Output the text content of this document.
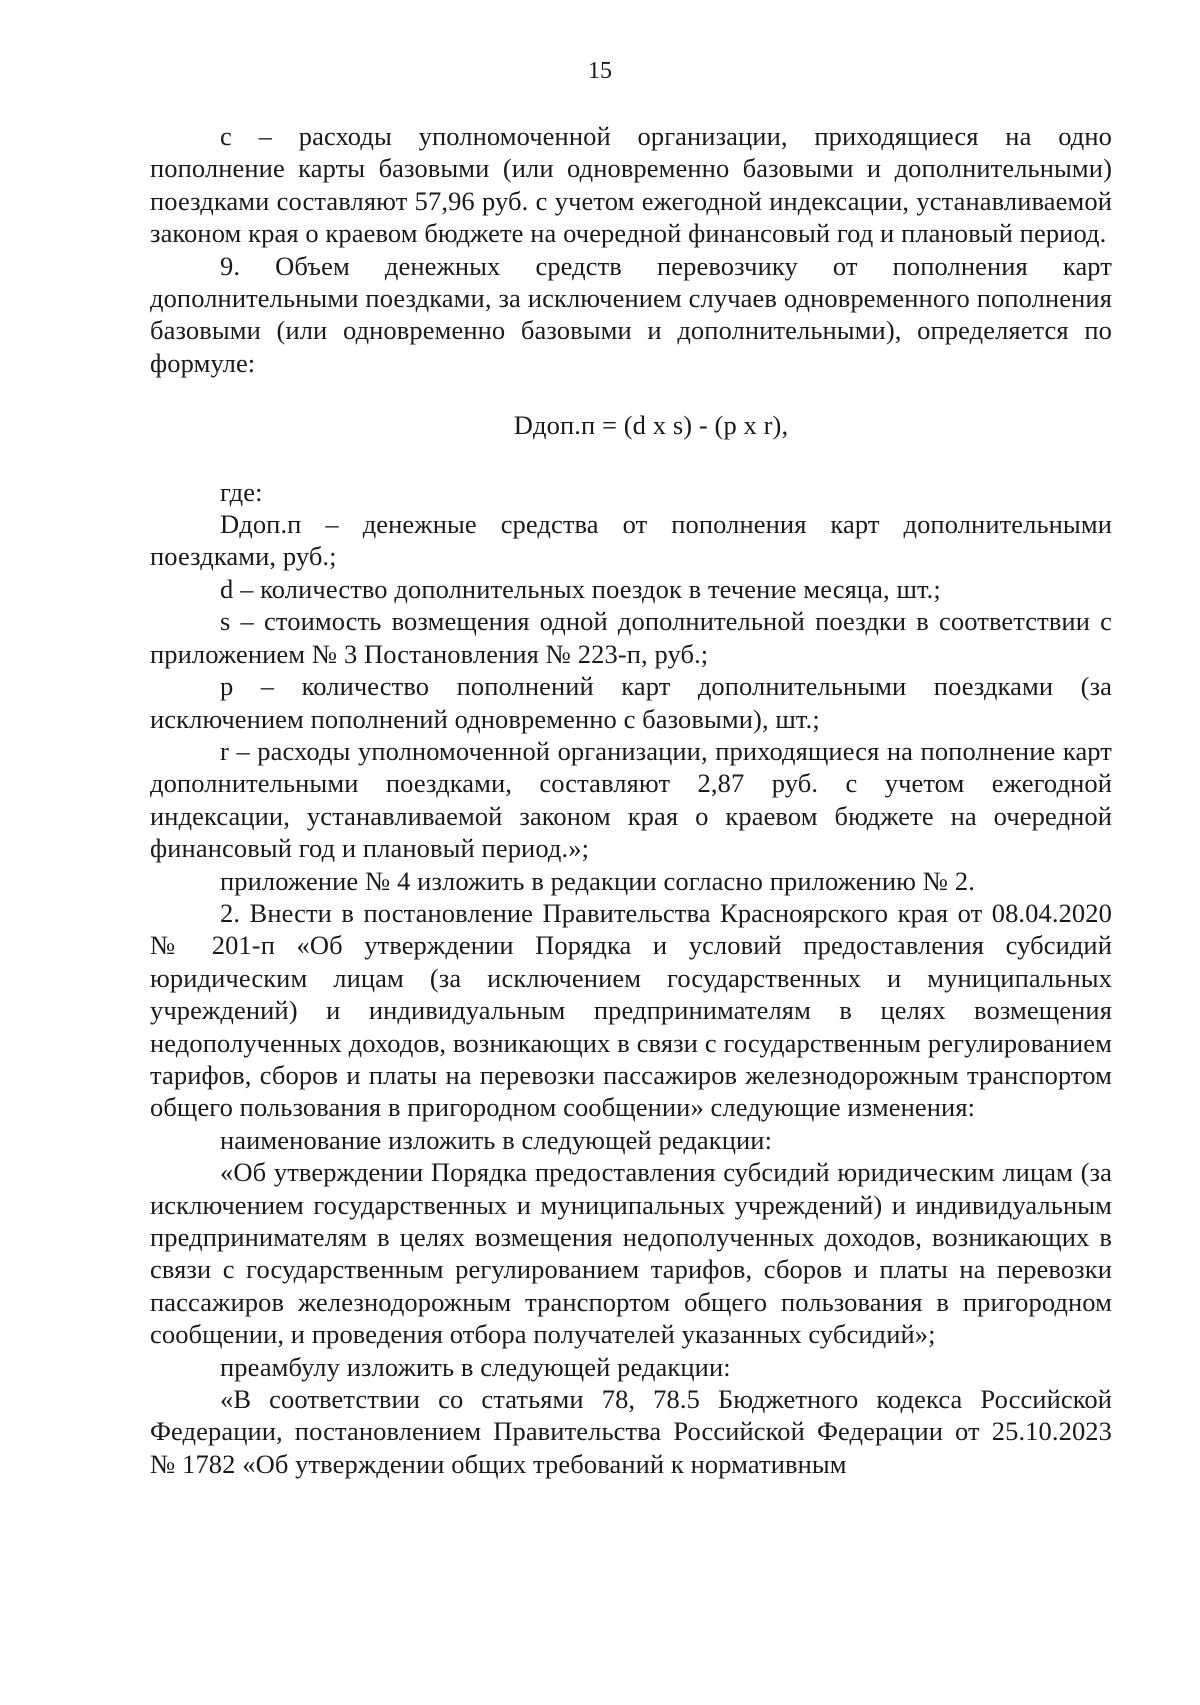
15

c – расходы уполномоченной организации, приходящиеся на одно пополнение карты базовыми (или одновременно базовыми и дополнительными) поездками составляют 57,96 руб. с учетом ежегодной индексации, устанавливаемой законом края о краевом бюджете на очередной финансовый год и плановый период.

9. Объем денежных средств перевозчику от пополнения карт дополнительными поездками, за исключением случаев одновременного пополнения базовыми (или одновременно базовыми и дополнительными), определяется по формуле:

Dдоп.п = (d x s) - (p x r),

где:

Dдоп.п – денежные средства от пополнения карт дополнительными поездками, руб.;

d – количество дополнительных поездок в течение месяца, шт.;

s – стоимость возмещения одной дополнительной поездки в соответствии с приложением № 3 Постановления № 223-п, руб.;

p – количество пополнений карт дополнительными поездками (за исключением пополнений одновременно с базовыми), шт.;

r – расходы уполномоченной организации, приходящиеся на пополнение карт дополнительными поездками, составляют 2,87 руб. с учетом ежегодной индексации, устанавливаемой законом края о краевом бюджете на очередной финансовый год и плановый период.»;

приложение № 4 изложить в редакции согласно приложению № 2.

2. Внести в постановление Правительства Красноярского края от 08.04.2020 № 201-п «Об утверждении Порядка и условий предоставления субсидий юридическим лицам (за исключением государственных и муниципальных учреждений) и индивидуальным предпринимателям в целях возмещения недополученных доходов, возникающих в связи с государственным регулированием тарифов, сборов и платы на перевозки пассажиров железнодорожным транспортом общего пользования в пригородном сообщении» следующие изменения:

наименование изложить в следующей редакции:

«Об утверждении Порядка предоставления субсидий юридическим лицам (за исключением государственных и муниципальных учреждений) и индивидуальным предпринимателям в целях возмещения недополученных доходов, возникающих в связи с государственным регулированием тарифов, сборов и платы на перевозки пассажиров железнодорожным транспортом общего пользования в пригородном сообщении, и проведения отбора получателей указанных субсидий»;

преамбулу изложить в следующей редакции:

«В соответствии со статьями 78, 78.5 Бюджетного кодекса Российской Федерации, постановлением Правительства Российской Федерации от 25.10.2023 № 1782 «Об утверждении общих требований к нормативным
